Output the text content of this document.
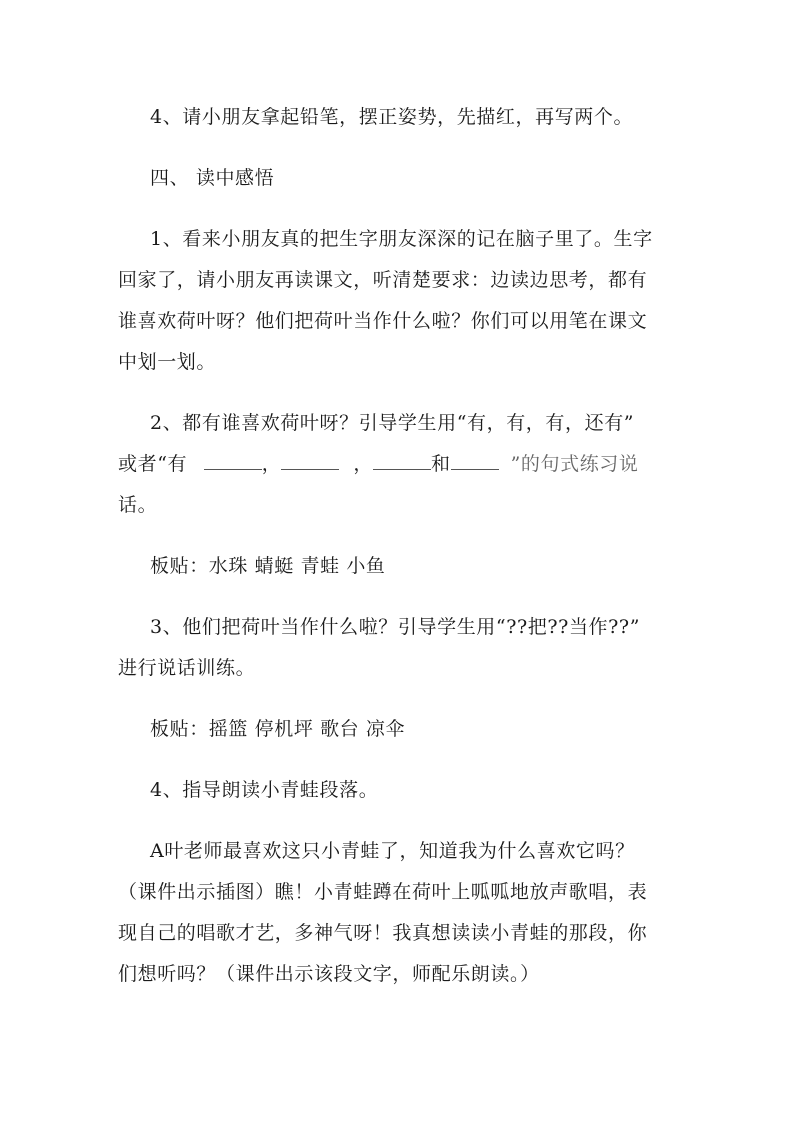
4、请小朋友拿起铅笔，摆正姿势，先描红，再写两个。
四、 读中感悟
1、看来小朋友真的把生字朋友深深的记在脑子里了。生字
回家了，请小朋友再读课文，听清楚要求：边读边思考，都有
谁喜欢荷叶呀？他们把荷叶当作什么啦？你们可以用笔在课文
中划一划。
2、都有谁喜欢荷叶呀？引导学生用“有，有，有，还有”
或者“有	，	，	和	”的句式练习说
话。
板贴：水珠 蜻蜓 青蛙 小鱼
3、他们把荷叶当作什么啦？引导学生用“??把??当作??”
进行说话训练。
板贴：摇篮 停机坪 歌台 凉伞
4、指导朗读小青蛙段落。
A叶老师最喜欢这只小青蛙了，知道我为什么喜欢它吗？
（课件出示插图）瞧！小青蛙蹲在荷叶上呱呱地放声歌唱，表
现自己的唱歌才艺，多神气呀！我真想读读小青蛙的那段，你
们想听吗？（课件出示该段文字，师配乐朗读。）
